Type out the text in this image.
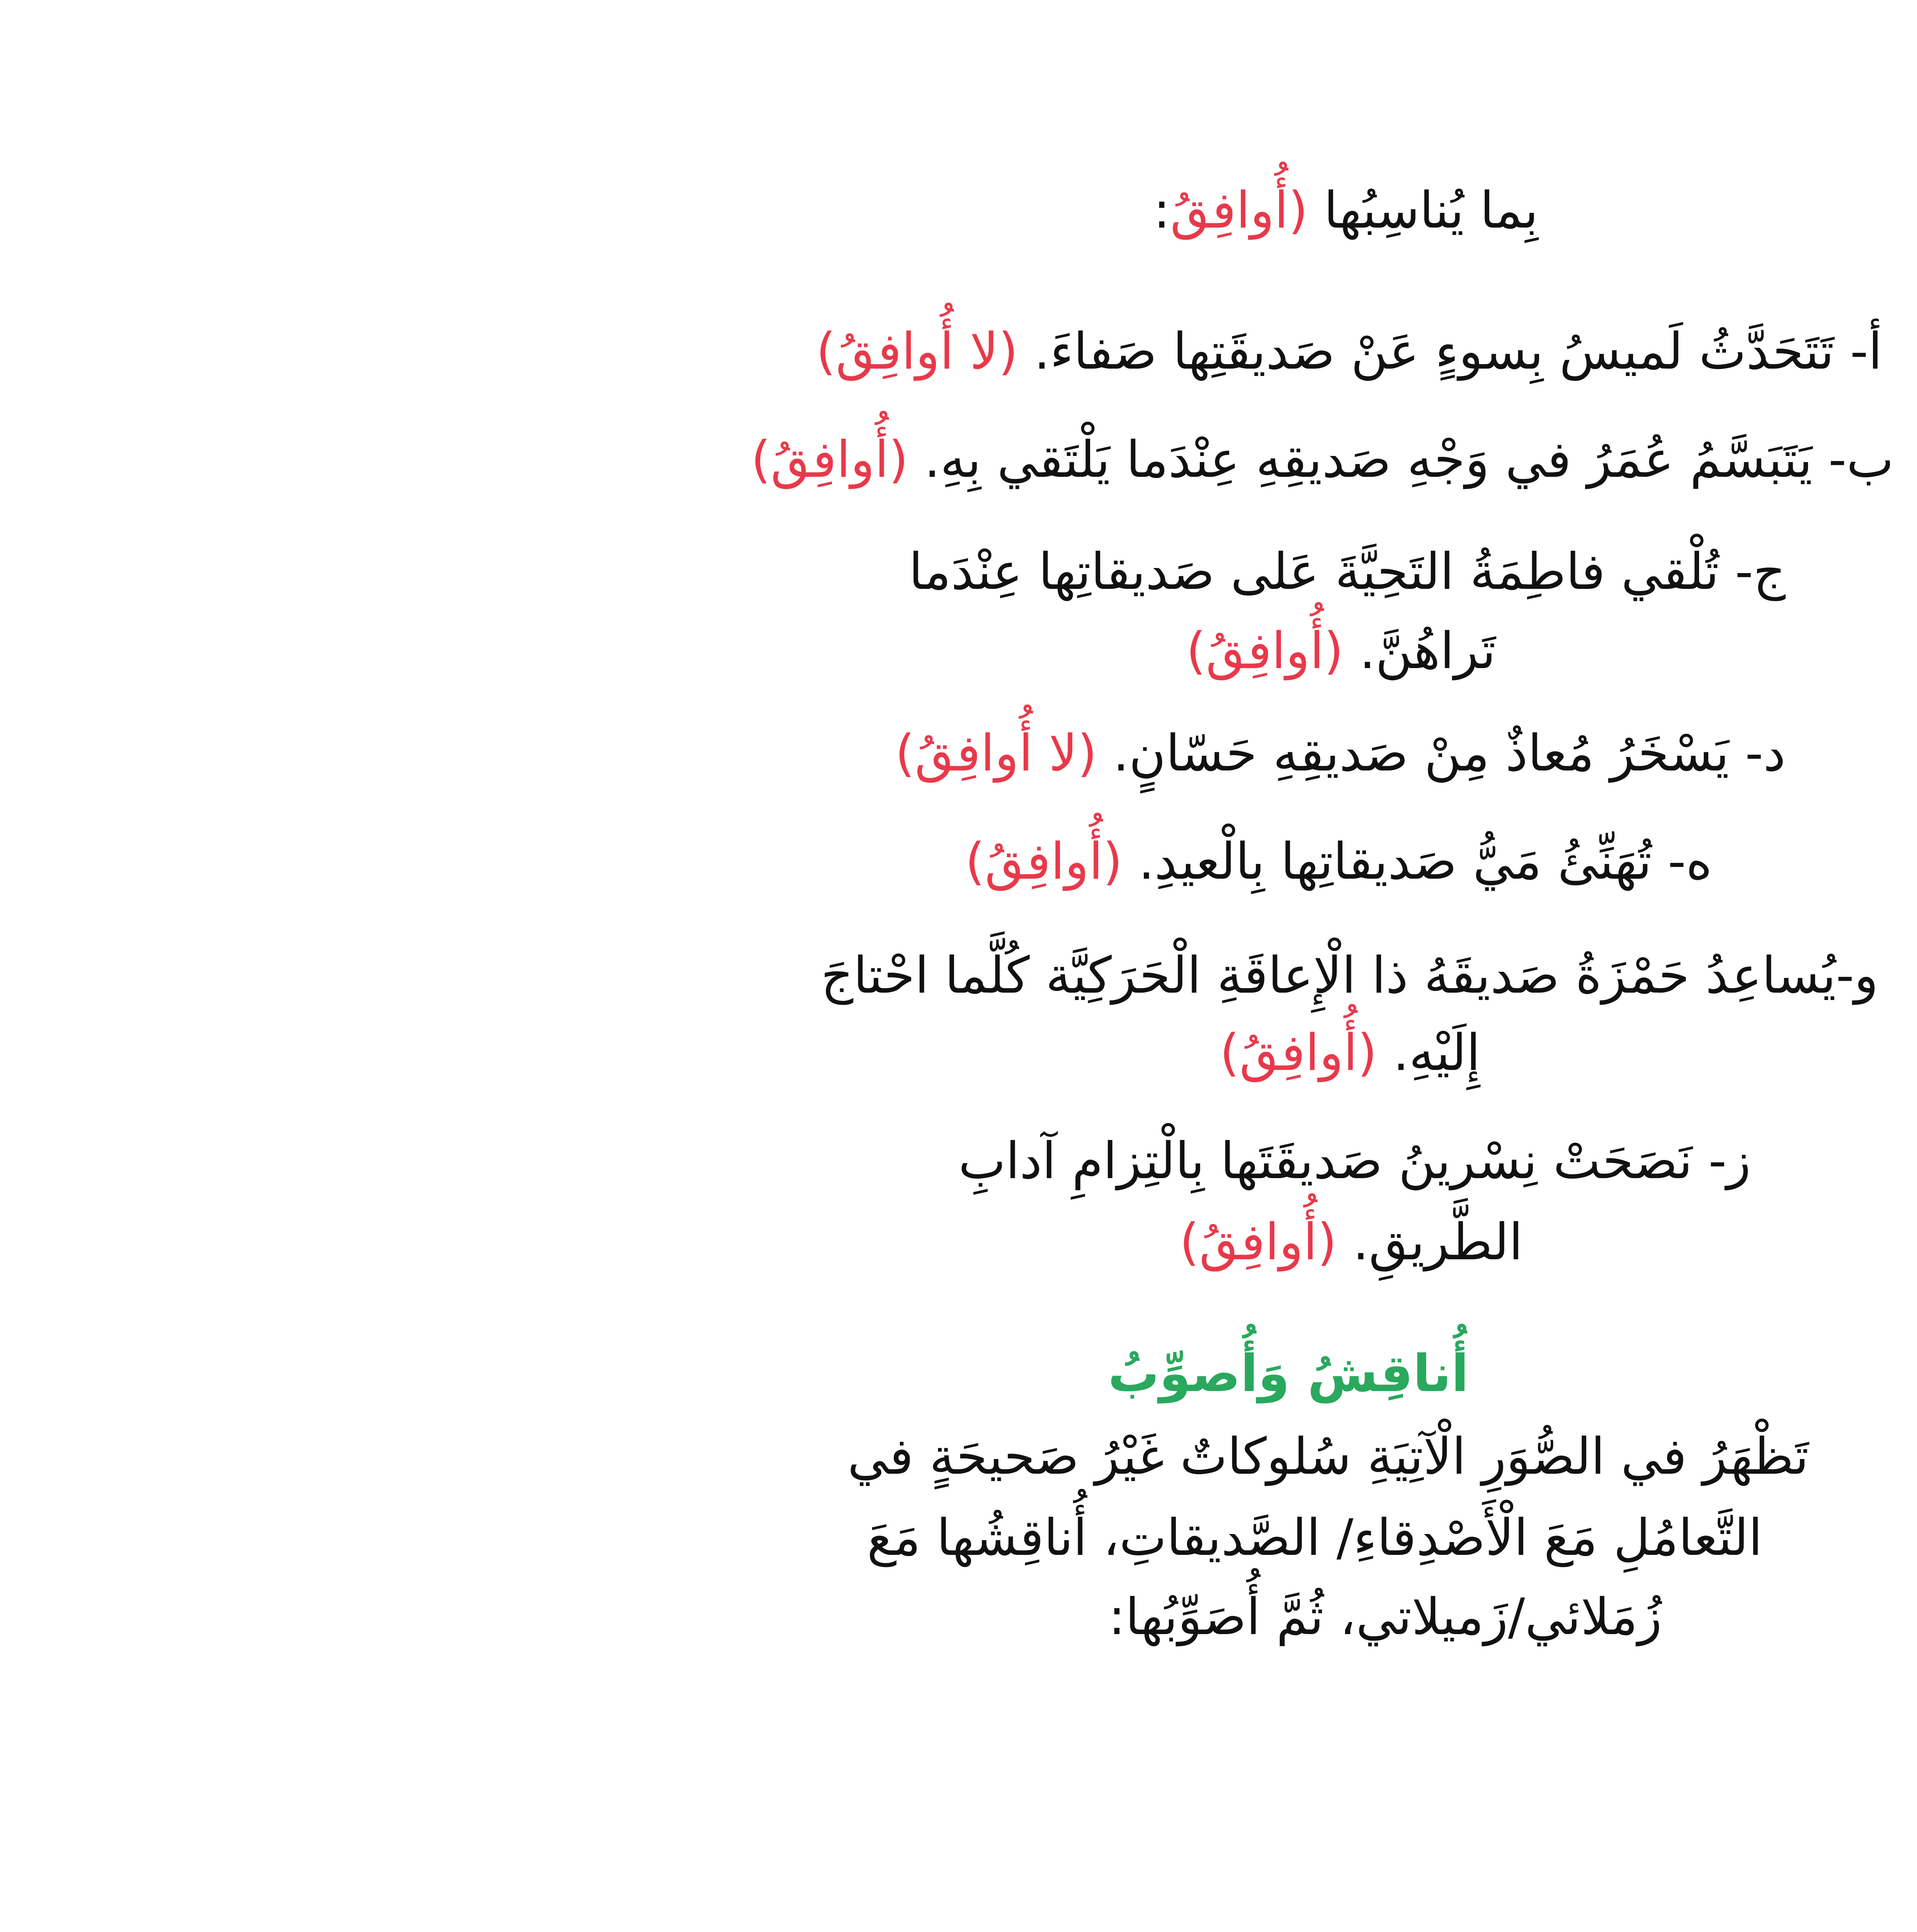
بِما يُناسِبُها (أُوافِقُ:
أ- تَتَحَدَّثُ لَميسُ بِسوءٍ عَنْ صَديقَتِها صَفاءَ. (لا أُوافِقُ)
ب- يَتَبَسَّمُ عُمَرُ في وَجْهِ صَديقِهِ عِنْدَما يَلْتَقي بِهِ. (أُوافِقُ)
ج- تُلْقي فاطِمَةُ التَحِيَّةَ عَلى صَديقاتِها عِنْدَما
تَراهُنَّ. (أُوافِقُ)
د- يَسْخَرُ مُعاذٌ مِنْ صَديقِهِ حَسّانٍ. (لا أُوافِقُ)
ه- تُهَنِّئُ مَيُّ صَديقاتِها بِالْعيدِ. (أُوافِقُ)
و-يُساعِدُ حَمْزَةُ صَديقَهُ ذا الْإِعاقَةِ الْحَرَكِيَّة كُلَّما احْتاجَ
إِلَيْهِ. (أُوافِقُ)
ز- نَصَحَتْ نِسْرينُ صَديقَتَها بِالْتِزامِ آدابِ
الطَّريقِ. (أُوافِقُ)
أُناقِشُ وَأُصوِّبُ
تَظْهَرُ في الصُّوَرِ الْآتِيَةِ سُلوكاتٌ غَيْرُ صَحيحَةٍ في
التَّعامُلِ مَعَ الْأَصْدِقاءِ/ الصَّديقاتِ، أُناقِشُها مَعَ
زُمَلائي/زَميلاتي، ثُمَّ أُصَوِّبُها:
